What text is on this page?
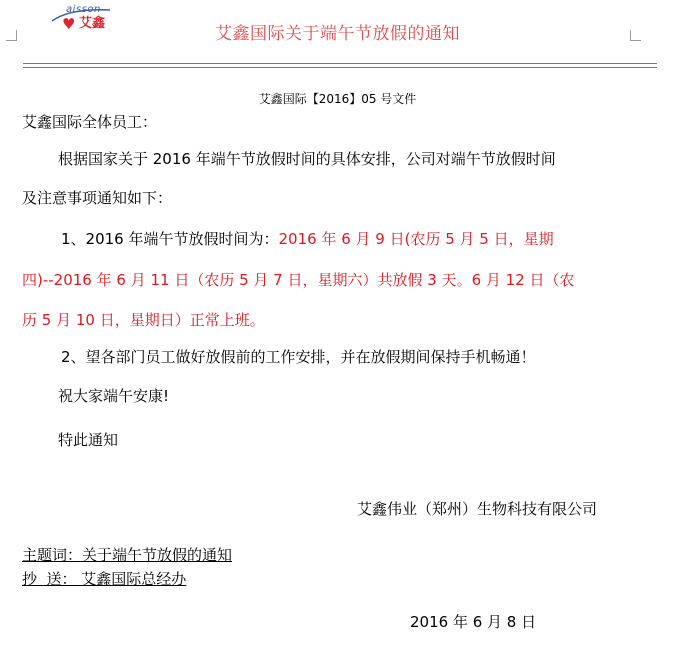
aisson
♥ 艾鑫
艾鑫国际关于端午节放假的通知
艾鑫国际【2016】05 号文件
艾鑫国际全体员工：
根据国家关于 2016 年端午节放假时间的具体安排，公司对端午节放假时间
及注意事项通知如下：
1、2016 年端午节放假时间为：2016 年 6 月 9 日(农历 5 月 5 日，星期
四)--2016 年 6 月 11 日（农历 5 月 7 日，星期六）共放假 3 天。6 月 12 日（农
历 5 月 10 日，星期日）正常上班。
2、望各部门员工做好放假前的工作安排，并在放假期间保持手机畅通！
祝大家端午安康!
特此通知
艾鑫伟业（郑州）生物科技有限公司
主题词：关于端午节放假的通知
抄  送： 艾鑫国际总经办
2016 年 6 月 8 日
